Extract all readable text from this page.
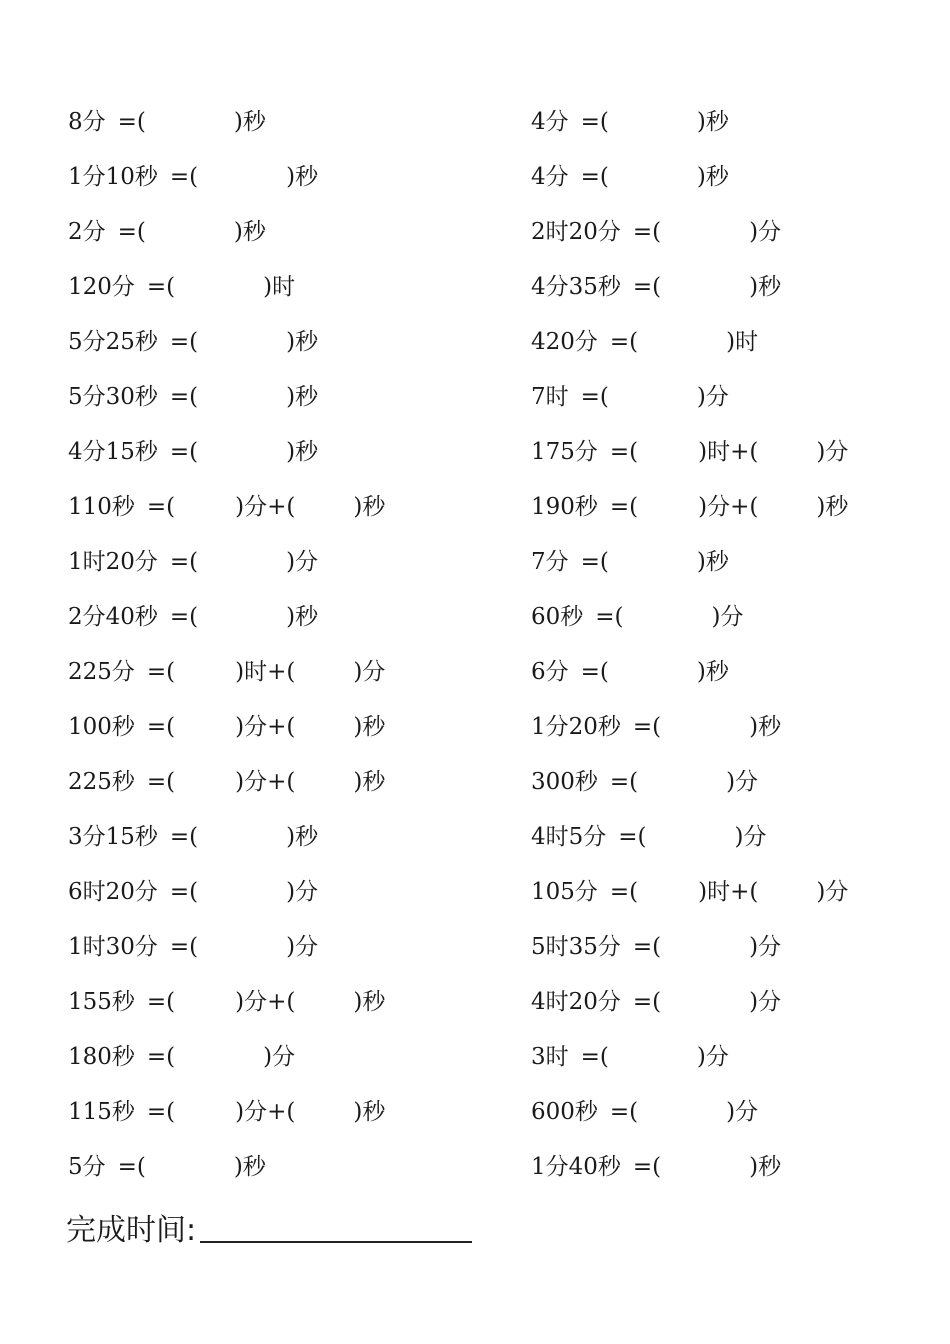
8分 =(	)秒
1分10秒 =(	)秒
2分 =(	)秒
120分 =(	)时
5分25秒 =(	)秒
5分30秒 =(	)秒
4分15秒 =(	)秒
110秒 =(	)分+(	)秒
1时20分 =(	)分
2分40秒 =(	)秒
225分 =(	)时+(	)分
100秒 =(	)分+(	)秒
225秒 =(	)分+(	)秒
3分15秒 =(	)秒
6时20分 =(	)分
1时30分 =(	)分
155秒 =(	)分+(	)秒
180秒 =(	)分
115秒 =(	)分+(	)秒
5分 =(	)秒
4分 =(	)秒
4分 =(	)秒
2时20分 =(	)分
4分35秒 =(	)秒
420分 =(	)时
7时 =(	)分
175分 =(	)时+(	)分
190秒 =(	)分+(	)秒
7分 =(	)秒
60秒 =(	)分
6分 =(	)秒
1分20秒 =(	)秒
300秒 =(	)分
4时5分 =(	)分
105分 =(	)时+(	)分
5时35分 =(	)分
4时20分 =(	)分
3时 =(	)分
600秒 =(	)分
1分40秒 =(	)秒
完成时间:
